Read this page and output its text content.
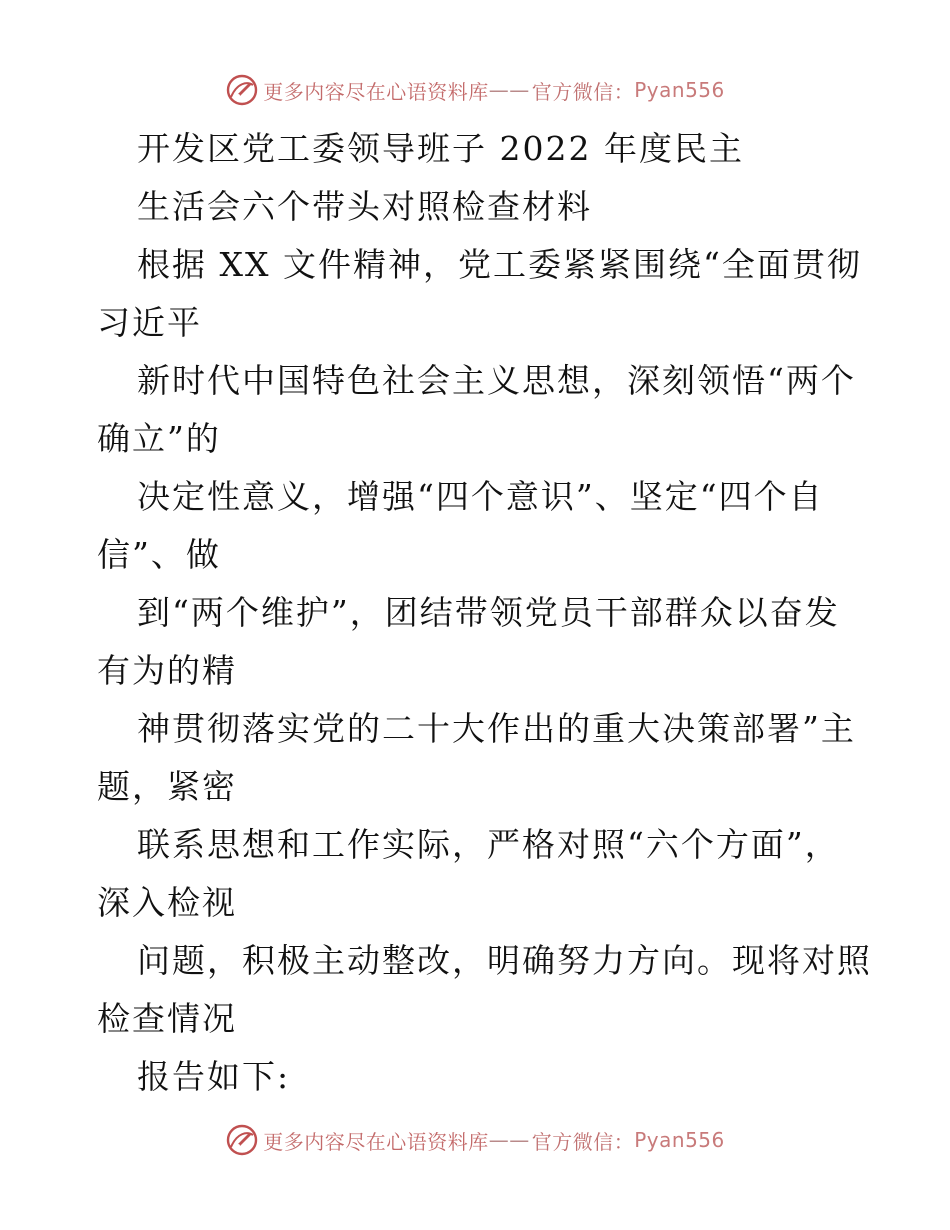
更多内容尽在心语资料库 —— 官方微信： Pyan556
开发区党工委领导班子 2022 年度民主
生活会六个带头对照检查材料
根据 XX 文件精神，党工委紧紧围绕“全面贯彻
习近平
新时代中国特色社会主义思想，深刻领悟“两个
确立”的
决定性意义，增强“四个意识”、坚定“四个自
信”、做
到“两个维护”，团结带领党员干部群众以奋发
有为的精
神贯彻落实党的二十大作出的重大决策部署”主
题，紧密
联系思想和工作实际，严格对照“六个方面”，
深入检视
问题，积极主动整改，明确努力方向。现将对照
检查情况
报告如下:
更多内容尽在心语资料库 —— 官方微信： Pyan556
